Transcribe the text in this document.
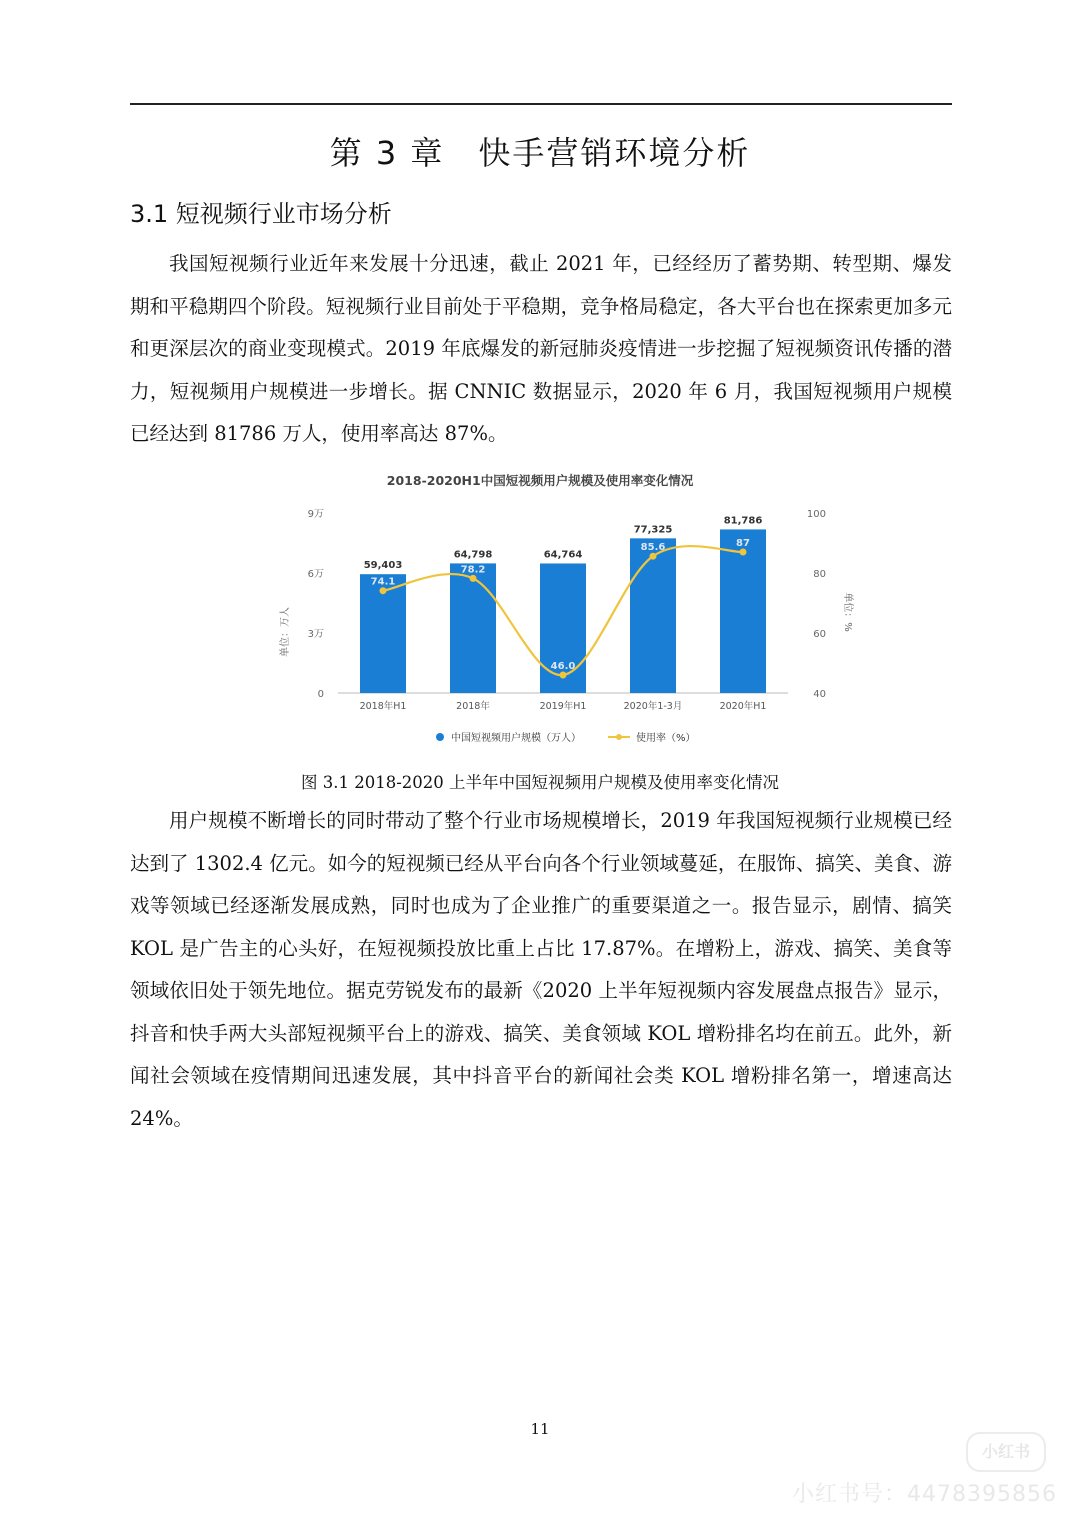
第 3 章　快手营销环境分析
3.1 短视频行业市场分析

我国短视频行业近年来发展十分迅速，截止 2021 年，已经经历了蓄势期、转型期、爆发期和平稳期四个阶段。短视频行业目前处于平稳期，竞争格局稳定，各大平台也在探索更加多元和更深层次的商业变现模式。2019 年底爆发的新冠肺炎疫情进一步挖掘了短视频资讯传播的潜力，短视频用户规模进一步增长。据 CNNIC 数据显示，2020 年 6 月，我国短视频用户规模已经达到 81786 万人，使用率高达 87%。

2018-2020H1中国短视频用户规模及使用率变化情况
0
3万
6万
9万
40
60
80
100
单位：万人	单位：%
59,403
64,798	64,764
77,325
81,786
74.1
78.2
46.0
85.6	87
2018年H1	2018年	2019年H1	2020年1-3月	2020年H1
中国短视频用户规模（万人）	使用率（%）
图 3.1 2018-2020 上半年中国短视频用户规模及使用率变化情况

用户规模不断增长的同时带动了整个行业市场规模增长，2019 年我国短视频行业规模已经达到了 1302.4 亿元。如今的短视频已经从平台向各个行业领域蔓延，在服饰、搞笑、美食、游戏等领域已经逐渐发展成熟，同时也成为了企业推广的重要渠道之一。报告显示，剧情、搞笑 KOL 是广告主的心头好，在短视频投放比重上占比 17.87%。在增粉上，游戏、搞笑、美食等领域依旧处于领先地位。据克劳锐发布的最新《2020 上半年短视频内容发展盘点报告》显示，抖音和快手两大头部短视频平台上的游戏、搞笑、美食领域 KOL 增粉排名均在前五。此外，新闻社会领域在疫情期间迅速发展，其中抖音平台的新闻社会类 KOL 增粉排名第一，增速高达 24%。

11
小红书
小红书号：4478395856
